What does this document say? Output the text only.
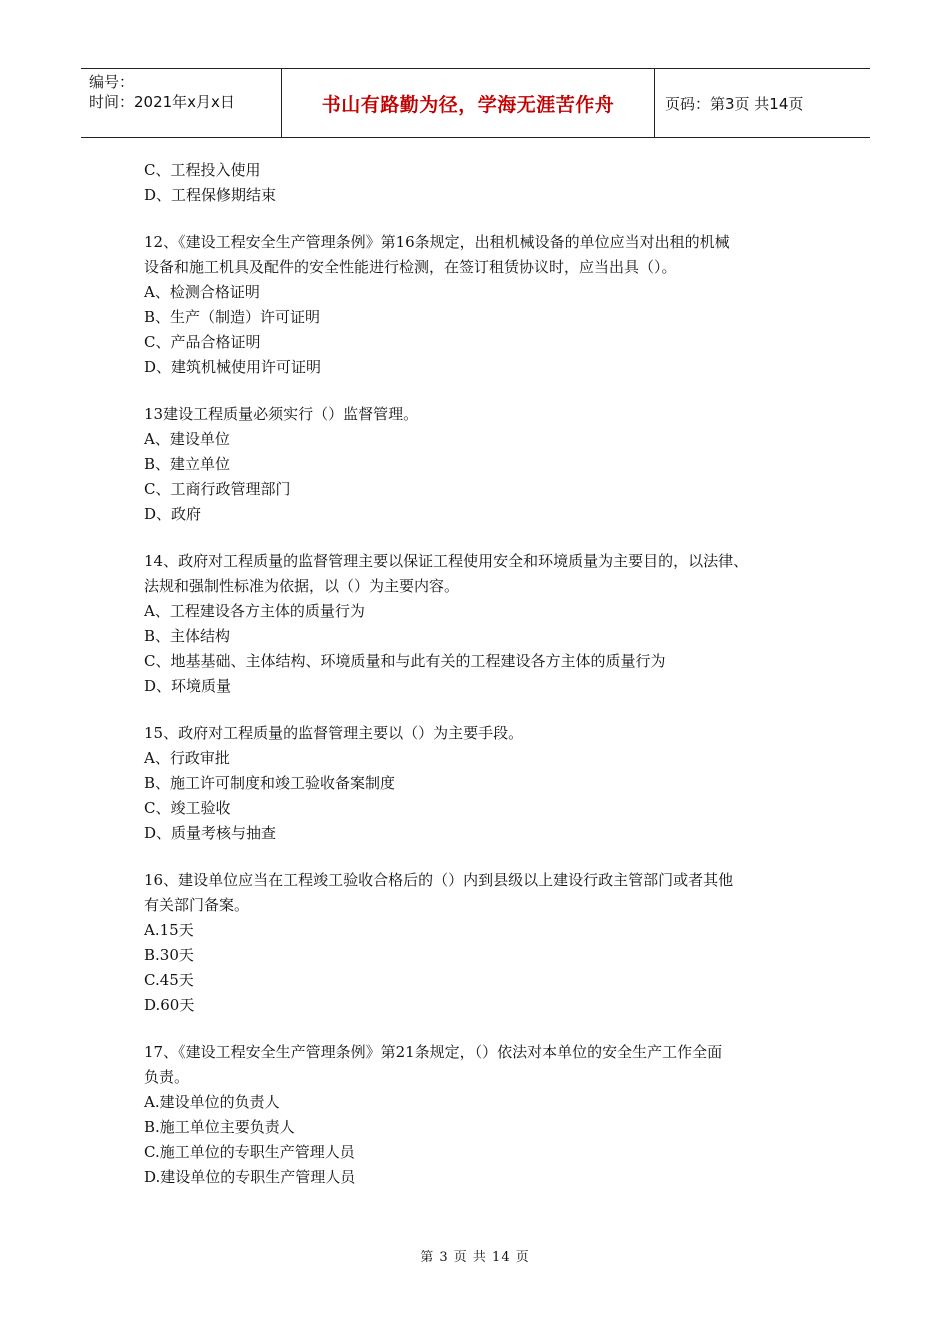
编号：
时间：2021年x月x日	书山有路勤为径，学海无涯苦作舟	页码：第3页 共14页
C、工程投入使用
D、工程保修期结束
12、《建设工程安全生产管理条例》第16条规定，出租机械设备的单位应当对出租的机械
设备和施工机具及配件的安全性能进行检测，在签订租赁协议时，应当出具（）。
A、检测合格证明
B、生产（制造）许可证明
C、产品合格证明
D、建筑机械使用许可证明
13建设工程质量必须实行（）监督管理。
A、建设单位
B、建立单位
C、工商行政管理部门
D、政府
14、政府对工程质量的监督管理主要以保证工程使用安全和环境质量为主要目的，以法律、
法规和强制性标准为依据，以（）为主要内容。
A、工程建设各方主体的质量行为
B、主体结构
C、地基基础、主体结构、环境质量和与此有关的工程建设各方主体的质量行为
D、环境质量
15、政府对工程质量的监督管理主要以（）为主要手段。
A、行政审批
B、施工许可制度和竣工验收备案制度
C、竣工验收
D、质量考核与抽查
16、建设单位应当在工程竣工验收合格后的（）内到县级以上建设行政主管部门或者其他
有关部门备案。
A.15天
B.30天
C.45天
D.60天
17、《建设工程安全生产管理条例》第21条规定，（）依法对本单位的安全生产工作全面
负责。
A.建设单位的负责人
B.施工单位主要负责人
C.施工单位的专职生产管理人员
D.建设单位的专职生产管理人员
第 3 页 共 14 页
